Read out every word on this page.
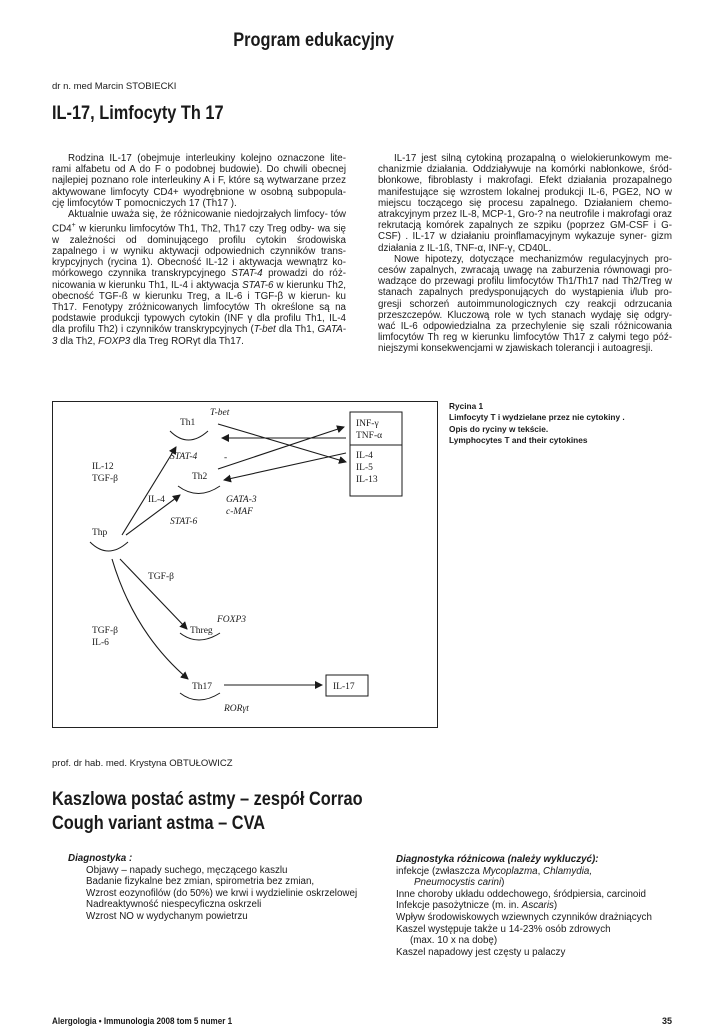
Program edukacyjny
dr n. med Marcin STOBIECKI
IL-17, Limfocyty Th 17

Rodzina IL-17 (obejmuje interleukiny kolejno oznaczone lite- rami alfabetu od A do F o podobnej budowie). Do chwili obecnej najlepiej poznano role interleukiny A i F, które są wytwarzane przez aktywowane limfocyty CD4+ wyodrębnione w osobną subpopula- cję limfocytów T pomocniczych 17 (Th17 ).

Aktualnie uważa się, że różnicowanie niedojrzałych limfocy- tów CD4+ w kierunku limfocytów Th1, Th2, Th17 czy Treg odby- wa się w zależności od dominującego profilu cytokin środowiska zapalnego i w wyniku aktywacji odpowiednich czynników trans- krypcyjnych (rycina 1). Obecność IL-12 i aktywacja wewnątrz ko- mórkowego czynnika transkrypcyjnego STAT-4 prowadzi do róż- nicowania w kierunku Th1, IL-4 i aktywacja STAT-6 w kierunku Th2, obecność TGF-ß w kierunku Treg, a IL-6 i TGF-β w kierun- ku Th17. Fenotypy zróżnicowanych limfocytów Th określone są na podstawie produkcji typowych cytokin (INF γ dla profilu Th1, IL-4 dla profilu Th2) i czynników transkrypcyjnych (T-bet dla Th1, GATA-3 dla Th2, FOXP3 dla Treg RORγt dla Th17.

IL-17 jest silną cytokiną prozapalną o wielokierunkowym me- chanizmie działania. Oddziaływuje na komórki nabłonkowe, śród- błonkowe, fibroblasty i makrofagi. Efekt działania prozapalnego manifestujące się wzrostem lokalnej produkcji IL-6, PGE2, NO w miejscu toczącego się procesu zapalnego. Działaniem chemo- atrakcyjnym przez IL-8, MCP-1, Gro-? na neutrofile i makrofagi oraz rekrutacją komórek zapalnych ze szpiku (poprzez GM-CSF i G-CSF) . IL-17 w działaniu proinflamacyjnym wykazuje syner- gizm działania z IL-1ß, TNF-α, INF-γ, CD40L.

Nowe hipotezy, dotyczące mechanizmów regulacyjnych pro- cesów zapalnych, zwracają uwagę na zaburzenia równowagi pro- wadzące do przewagi profilu limfocytów Th1/Th17 nad Th2/Treg w stanach zapalnych predysponujących do wystąpienia i/lub pro- gresji schorzeń autoimmunologicznych czy reakcji odrzucania przeszczepów. Kluczową role w tych stanach wydaję się odgry- wać IL-6 odpowiedzialna za przechylenie się szali różnicowania limfocytów Th reg w kierunku limfocytów Th17 z całymi tego póź- niejszymi konsekwencjami w zjawiskach tolerancji i autoagresji.

Th1
T-bet
STAT-4	-
IL-12
TGF-β	Th2
IL-4	GATA-3
c-MAF
STAT-6
Thp
TGF-β
FOXP3
TGF-β
IL-6
Threg
Th17
RORγt
INF-γ
TNF-α
IL-4
IL-5
IL-13
IL-17
Rycina 1
Limfocyty T i wydzielane przez nie cytokiny .
Opis do ryciny w tekście.
Lymphocytes T and their cytokines
prof. dr hab. med. Krystyna OBTUŁOWICZ
Kaszlowa postać astmy – zespół Corrao
Cough variant astma – CVA
Diagnostyka :
Objawy – napady suchego, męczącego kaszlu
Badanie fizykalne bez zmian, spirometria bez zmian,
Wzrost eozynofilów (do 50%) we krwi i wydzielinie oskrzelowej
Nadreaktywność niespecyficzna oskrzeli
Wzrost NO w wydychanym powietrzu
Diagnostyka różnicowa (należy wykluczyć):
infekcje (zwłaszcza Mycoplazma, Chlamydia,
Pneumocystis carini)
Inne choroby układu oddechowego, śródpiersia, carcinoid
Infekcje pasożytnicze (m. in. Ascaris)
Wpływ środowiskowych wziewnych czynników drażniących
Kaszel występuje także u 14-23% osób zdrowych
(max. 10 x na dobę)
Kaszel napadowy jest częsty u palaczy
Alergologia • Immunologia 2008 tom 5 numer 1	35
